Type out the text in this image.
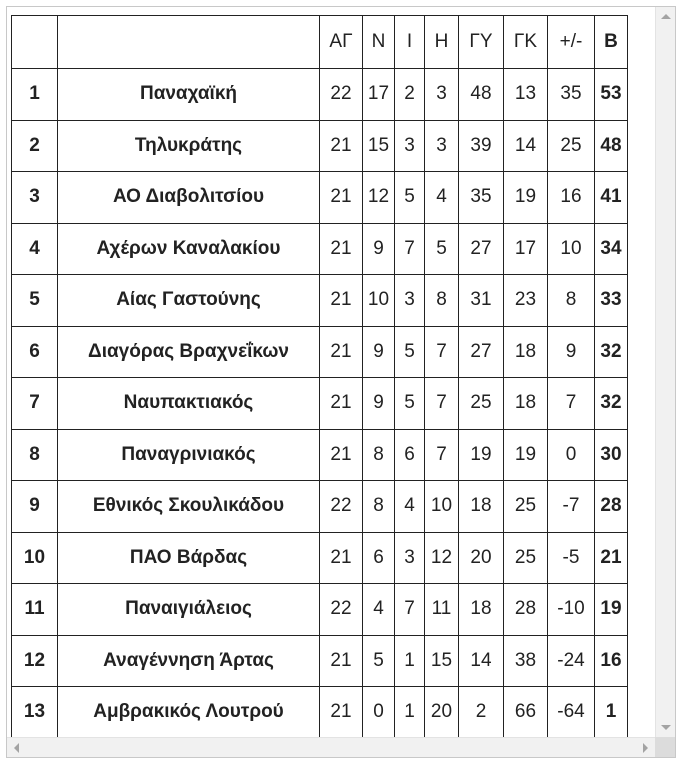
		ΑΓ	Ν	Ι	Η	ΓΥ	ΓΚ	+/-	Β
1	Παναχαϊκή	22	17	2	3	48	13	35	53
2	Τηλυκράτης	21	15	3	3	39	14	25	48
3	ΑΟ Διαβολιτσίου	21	12	5	4	35	19	16	41
4	Αχέρων Καναλακίου	21	9	7	5	27	17	10	34
5	Αίας Γαστούνης	21	10	3	8	31	23	8	33
6	Διαγόρας Βραχνεΐκων	21	9	5	7	27	18	9	32
7	Ναυπακτιακός	21	9	5	7	25	18	7	32
8	Παναγρινιακός	21	8	6	7	19	19	0	30
9	Εθνικός Σκουλικάδου	22	8	4	10	18	25	-7	28
10	ΠΑΟ Βάρδας	21	6	3	12	20	25	-5	21
11	Παναιγιάλειος	22	4	7	11	18	28	-10	19
12	Αναγέννηση Άρτας	21	5	1	15	14	38	-24	16
13	Αμβρακικός Λουτρού	21	0	1	20	2	66	-64	1
